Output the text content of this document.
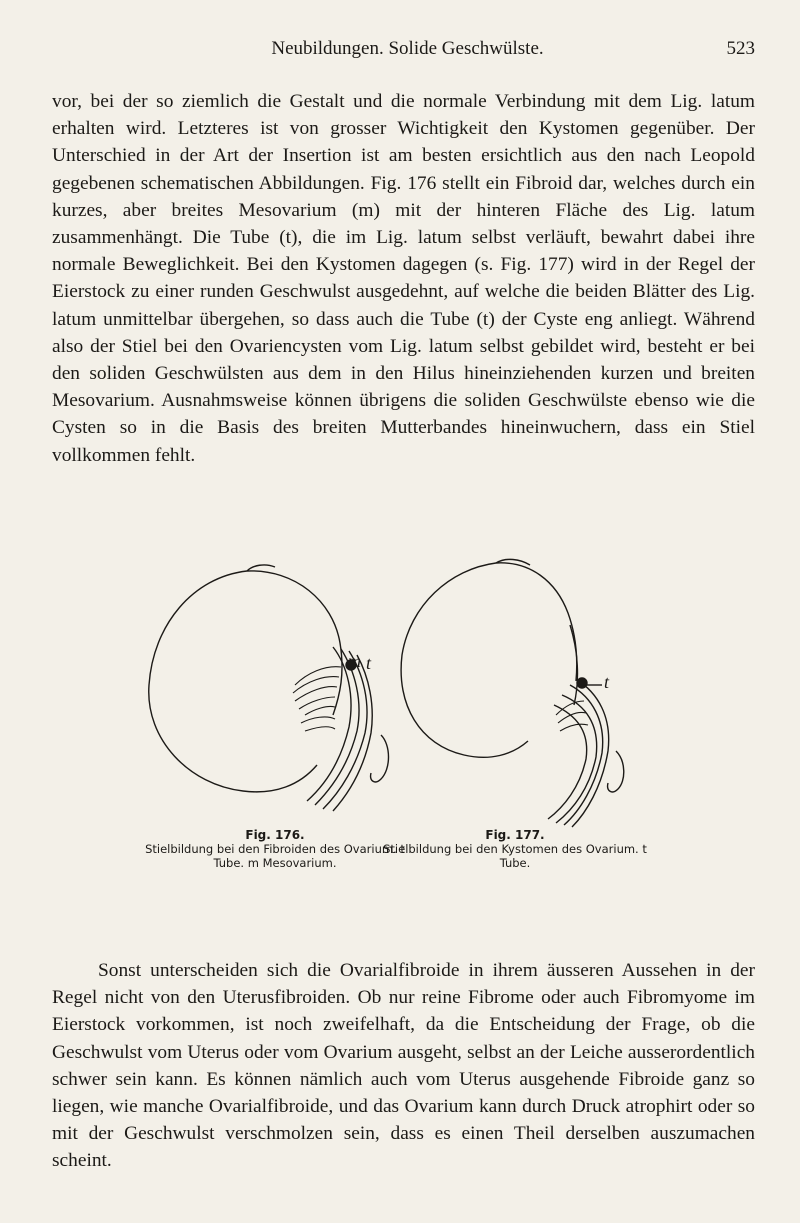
Neubildungen. Solide Geschwülste.	523

vor, bei der so ziemlich die Gestalt und die normale Verbindung mit dem Lig. latum erhalten wird. Letzteres ist von grosser Wichtigkeit den Kystomen gegenüber. Der Unterschied in der Art der Insertion ist am besten ersichtlich aus den nach Leopold gegebenen schematischen Abbildungen. Fig. 176 stellt ein Fibroid dar, welches durch ein kurzes, aber breites Mesovarium (m) mit der hinteren Fläche des Lig. latum zusammenhängt. Die Tube (t), die im Lig. latum selbst verläuft, bewahrt dabei ihre normale Beweglichkeit. Bei den Kystomen dagegen (s. Fig. 177) wird in der Regel der Eierstock zu einer runden Geschwulst ausgedehnt, auf welche die beiden Blätter des Lig. latum unmittelbar übergehen, so dass auch die Tube (t) der Cyste eng anliegt. Während also der Stiel bei den Ovariencysten vom Lig. latum selbst gebildet wird, besteht er bei den soliden Geschwülsten aus dem in den Hilus hineinziehenden kurzen und breiten Mesovarium. Ausnahmsweise können übrigens die soliden Geschwülste ebenso wie die Cysten so in die Basis des breiten Mutterbandes hineinwuchern, dass ein Stiel vollkommen fehlt.

m t
t
Fig. 176.
Stielbildung bei den Fibroiden des Ovarium. t Tube. m Mesovarium.
Fig. 177.
Stielbildung bei den Kystomen des Ovarium. t Tube.

Sonst unterscheiden sich die Ovarialfibroide in ihrem äusseren Aussehen in der Regel nicht von den Uterusfibroiden. Ob nur reine Fibrome oder auch Fibromyome im Eierstock vorkommen, ist noch zweifelhaft, da die Entscheidung der Frage, ob die Geschwulst vom Uterus oder vom Ovarium ausgeht, selbst an der Leiche ausserordentlich schwer sein kann. Es können nämlich auch vom Uterus ausgehende Fibroide ganz so liegen, wie manche Ovarialfibroide, und das Ovarium kann durch Druck atrophirt oder so mit der Geschwulst verschmolzen sein, dass es einen Theil derselben auszumachen scheint.
